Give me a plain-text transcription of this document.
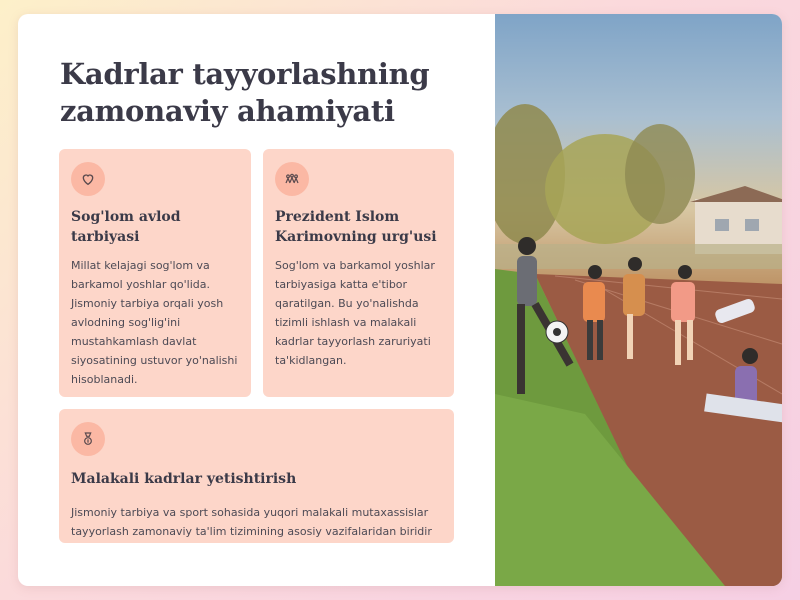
Kadrlar tayyorlashning zamonaviy ahamiyati
Sog'lom avlod tarbiyasi

Millat kelajagi sog'lom va barkamol yoshlar qo'lida. Jismoniy tarbiya orqali yosh avlodning sog'lig'ini mustahkamlash davlat siyosatining ustuvor yo'nalishi hisoblanadi.

Prezident Islom Karimovning urg'usi

Sog'lom va barkamol yoshlar tarbiyasiga katta e'tibor qaratilgan. Bu yo'nalishda tizimli ishlash va malakali kadrlar tayyorlash zaruriyati ta'kidlangan.

Malakali kadrlar yetishtirish

Jismoniy tarbiya va sport sohasida yuqori malakali mutaxassislar tayyorlash zamonaviy ta'lim tizimining asosiy vazifalaridan biridir
